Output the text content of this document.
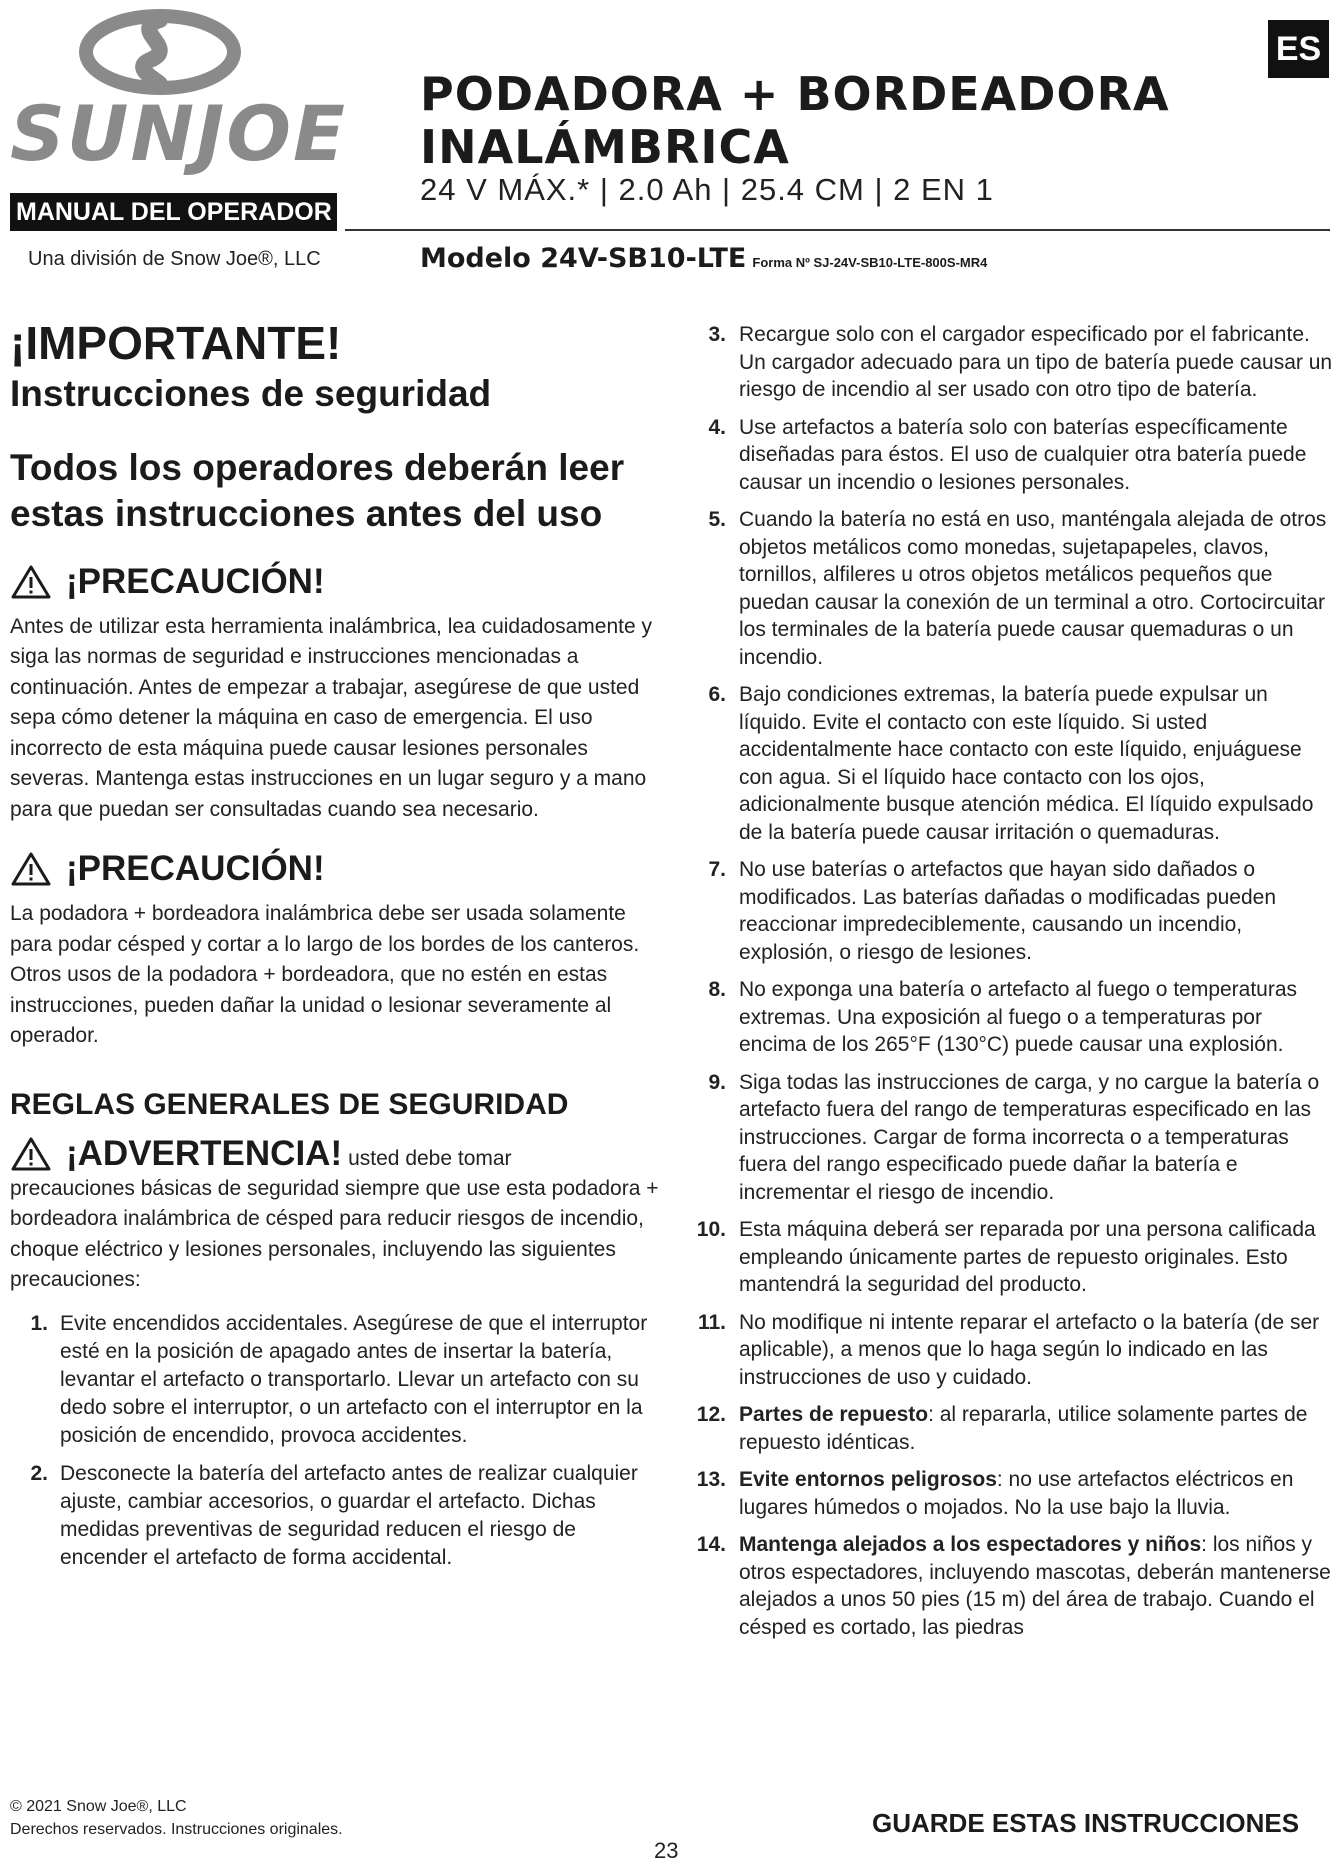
SUNJOE
MANUAL DEL OPERADOR
Una división de Snow Joe®, LLC
PODADORA + BORDEADORA
INALÁMBRICA
24 V MÁX.* | 2.0 Ah | 25.4 CM | 2 EN 1
Modelo 24V-SB10-LTE Forma Nº SJ-24V-SB10-LTE-800S-MR4
ES
¡IMPORTANTE!
Instrucciones de seguridad
Todos los operadores deberán leer estas instrucciones antes del uso
¡PRECAUCIÓN!

Antes de utilizar esta herramienta inalámbrica, lea cuidadosamente y siga las normas de seguridad e instrucciones mencionadas a continuación. Antes de empezar a trabajar, asegúrese de que usted sepa cómo detener la máquina en caso de emergencia. El uso incorrecto de esta máquina puede causar lesiones personales severas. Mantenga estas instrucciones en un lugar seguro y a mano para que puedan ser consultadas cuando sea necesario.

¡PRECAUCIÓN!

La podadora + bordeadora inalámbrica debe ser usada solamente para podar césped y cortar a lo largo de los bordes de los canteros. Otros usos de la podadora + bordeadora, que no estén en estas instrucciones, pueden dañar la unidad o lesionar severamente al operador.

REGLAS GENERALES DE SEGURIDAD
¡ADVERTENCIA! usted debe tomar

precauciones básicas de seguridad siempre que use esta podadora + bordeadora inalámbrica de césped para reducir riesgos de incendio, choque eléctrico y lesiones personales, incluyendo las siguientes precauciones:

1. Evite encendidos accidentales. Asegúrese de que el interruptor esté en la posición de apagado antes de insertar la batería, levantar el artefacto o transportarlo. Llevar un artefacto con su dedo sobre el interruptor, o un artefacto con el interruptor en la posición de encendido, provoca accidentes.
2. Desconecte la batería del artefacto antes de realizar cualquier ajuste, cambiar accesorios, o guardar el artefacto. Dichas medidas preventivas de seguridad reducen el riesgo de encender el artefacto de forma accidental.
3. Recargue solo con el cargador especificado por el fabricante. Un cargador adecuado para un tipo de batería puede causar un riesgo de incendio al ser usado con otro tipo de batería.
4. Use artefactos a batería solo con baterías específicamente diseñadas para éstos. El uso de cualquier otra batería puede causar un incendio o lesiones personales.
5. Cuando la batería no está en uso, manténgala alejada de otros objetos metálicos como monedas, sujetapapeles, clavos, tornillos, alfileres u otros objetos metálicos pequeños que puedan causar la conexión de un terminal a otro. Cortocircuitar los terminales de la batería puede causar quemaduras o un incendio.
6. Bajo condiciones extremas, la batería puede expulsar un líquido. Evite el contacto con este líquido. Si usted accidentalmente hace contacto con este líquido, enjuáguese con agua. Si el líquido hace contacto con los ojos, adicionalmente busque atención médica. El líquido expulsado de la batería puede causar irritación o quemaduras.
7. No use baterías o artefactos que hayan sido dañados o modificados. Las baterías dañadas o modificadas pueden reaccionar impredeciblemente, causando un incendio, explosión, o riesgo de lesiones.
8. No exponga una batería o artefacto al fuego o temperaturas extremas. Una exposición al fuego o a temperaturas por encima de los 265°F (130°C) puede causar una explosión.
9. Siga todas las instrucciones de carga, y no cargue la batería o artefacto fuera del rango de temperaturas especificado en las instrucciones. Cargar de forma incorrecta o a temperaturas fuera del rango especificado puede dañar la batería e incrementar el riesgo de incendio.
10. Esta máquina deberá ser reparada por una persona calificada empleando únicamente partes de repuesto originales. Esto mantendrá la seguridad del producto.
11. No modifique ni intente reparar el artefacto o la batería (de ser aplicable), a menos que lo haga según lo indicado en las instrucciones de uso y cuidado.
12. Partes de repuesto: al repararla, utilice solamente partes de repuesto idénticas.
13. Evite entornos peligrosos: no use artefactos eléctricos en lugares húmedos o mojados. No la use bajo la lluvia.
14. Mantenga alejados a los espectadores y niños: los niños y otros espectadores, incluyendo mascotas, deberán mantenerse alejados a unos 50 pies (15 m) del área de trabajo. Cuando el césped es cortado, las piedras
© 2021 Snow Joe®, LLC
Derechos reservados. Instrucciones originales.
23
GUARDE ESTAS INSTRUCCIONES
